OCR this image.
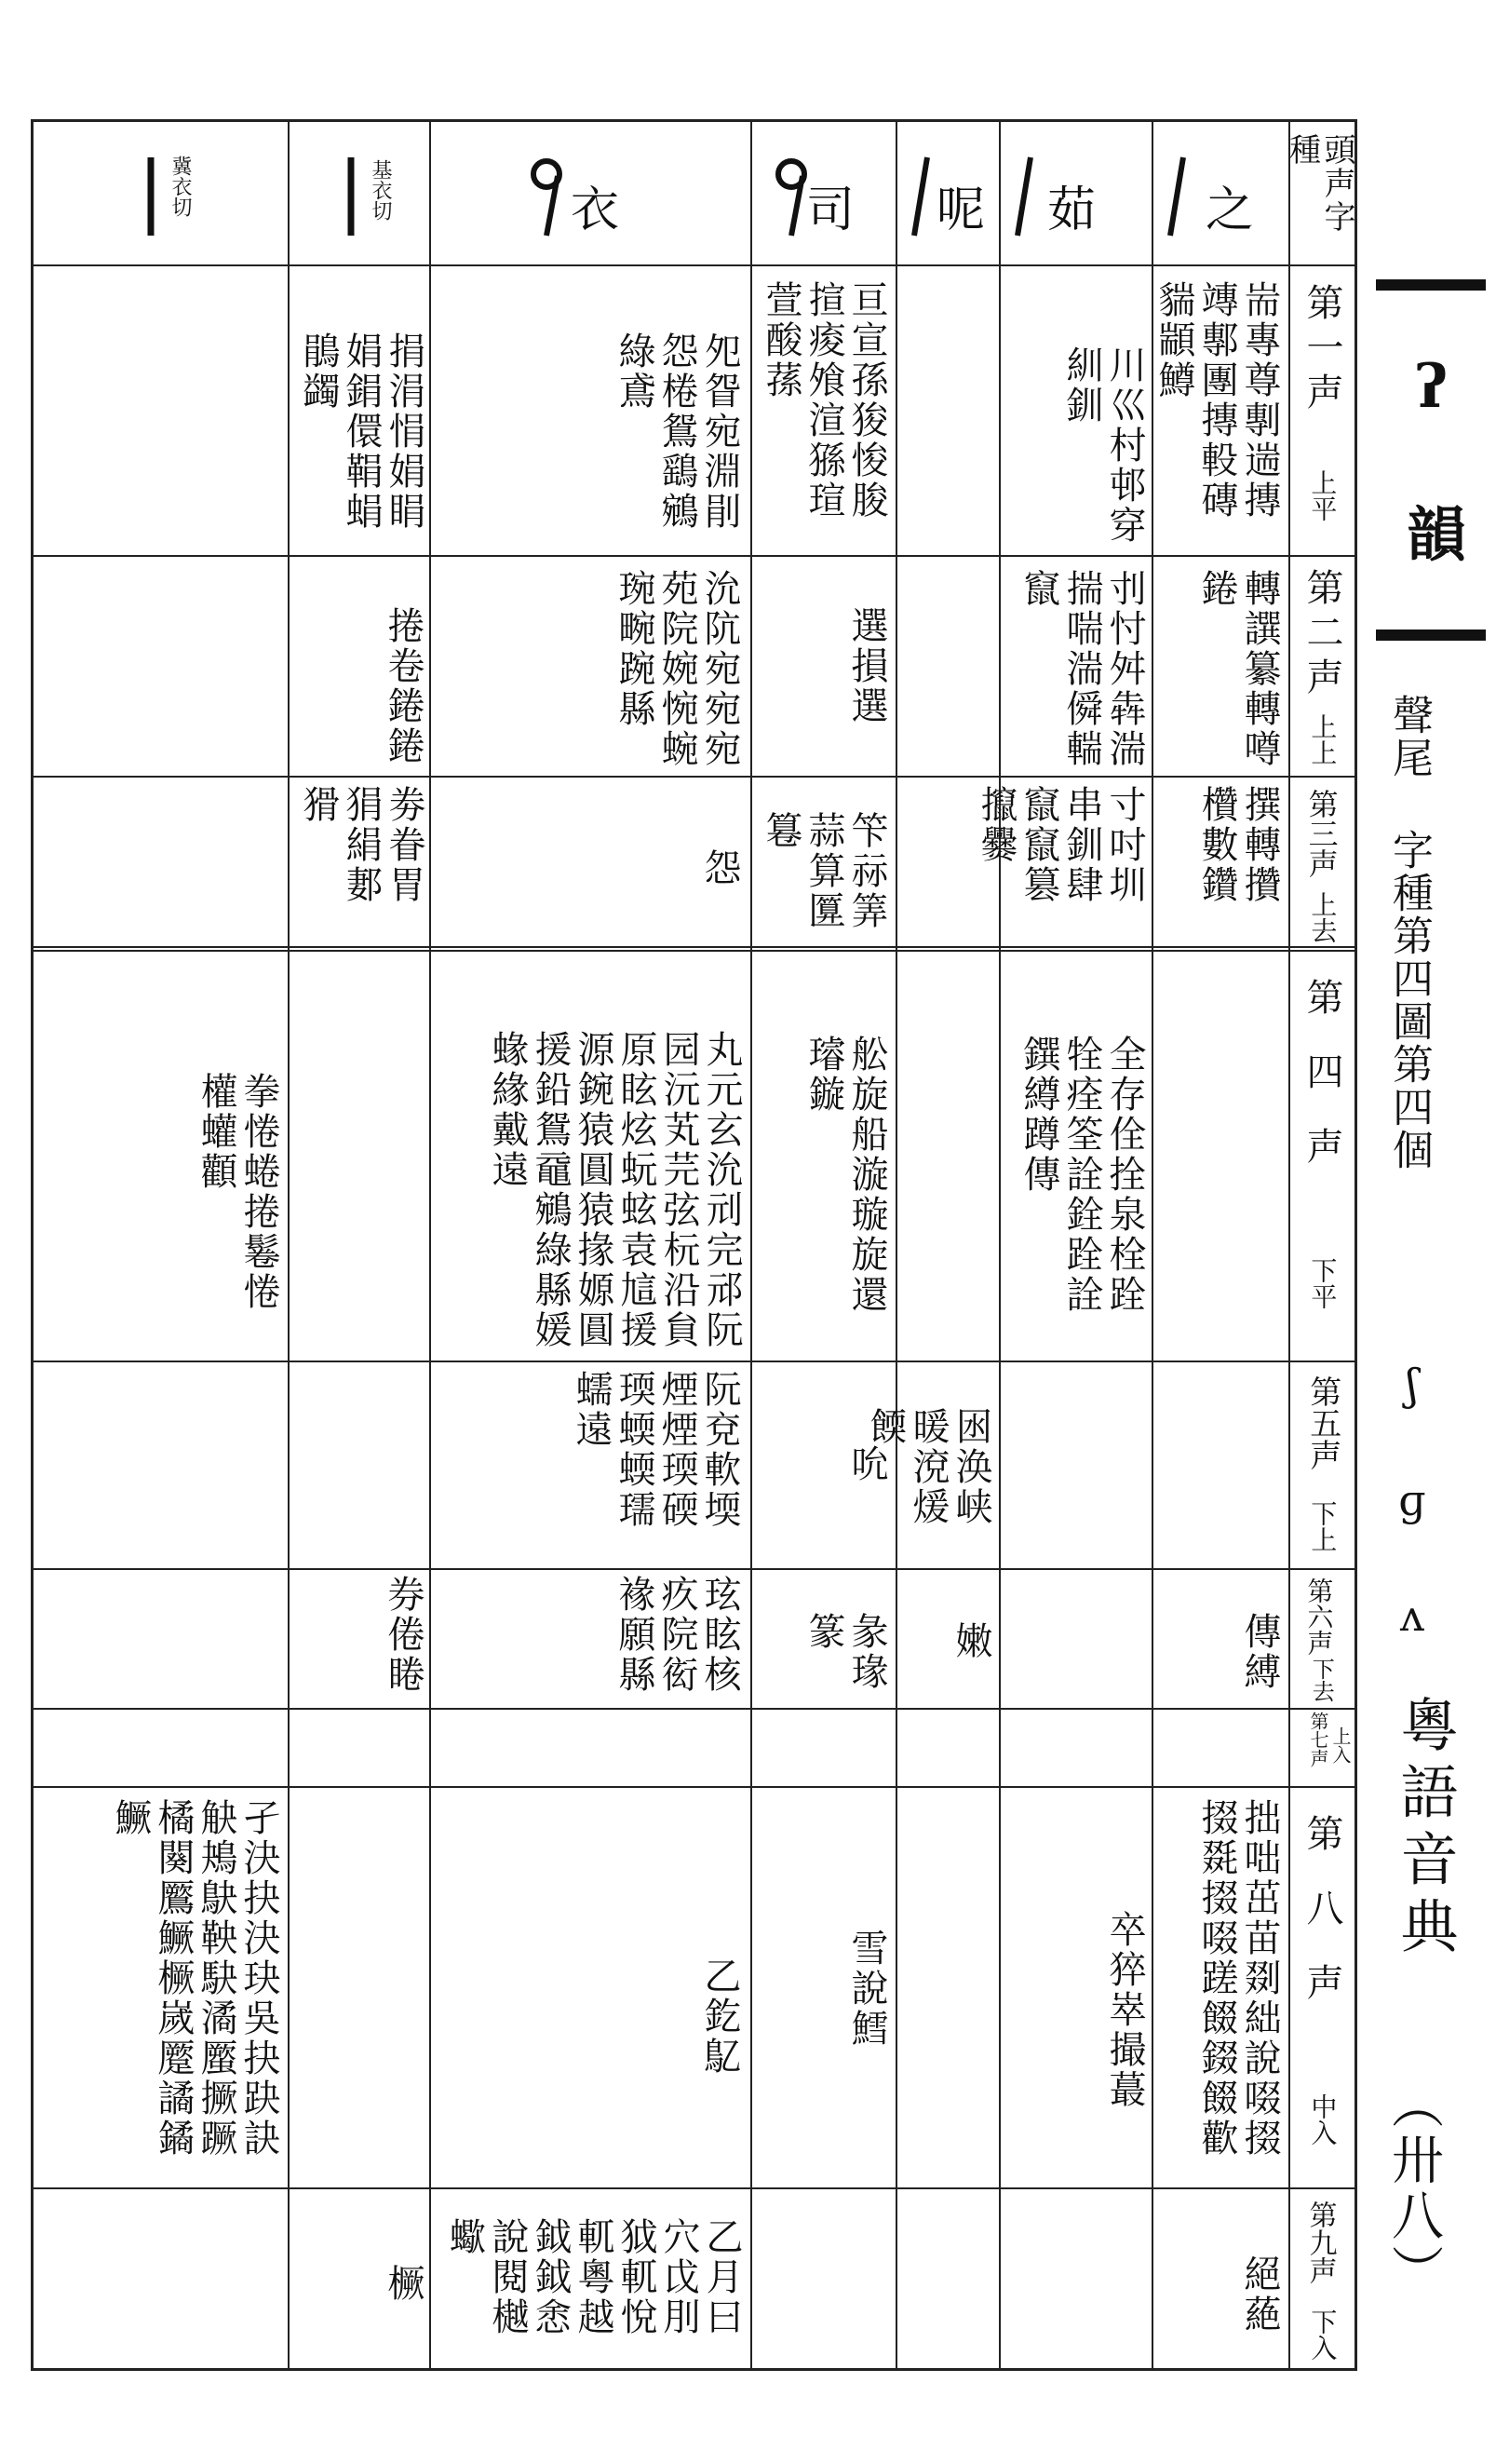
頭声字種
之
茹
呢
司
衣
基衣切
冀衣切
第一声
上平
第二声
上上
第三声
上去
第四声
下平
第五声
下上
第六声
下去
第七声 上入
第八声
中入
第九声
下入
耑專尊剸遄摶竱鄟團摶軗磚貒顓鱒
川巛村邨穿紃釧
亘宣孫狻悛朘揎痠飧渲猻瑄萱酸蓀
夗眢宛淵剈怨棬鴛鷂鵷綠鳶
捐涓悁娟睊娟鋗儇鞙蜎鵑蠲
轉譔纂轉噂錈
刌忖舛犇湍揣喘湍僢輲竄
選損選
沇阬宛宛宛苑院婉惋蜿琬畹踠縣
捲卷錈錈
撰轉攢欑數鑽
寸吋圳串釧肆竄竄篡攛爨
笇祘筭蒜算匴篹
怨
劵眷胃狷絹郪猾
全存佺拴泉栓跧牷痊筌詮銓跧詮鐉繜蹲傳
舩旋船漩璇旋還璿鏇
丸元玄沇刓完邧阮园沅芄芫弦杬沿貟原眩炫蚖蚿袁訄援源鋺猿圓猿掾嫄圓援鉛鴛黿鵷綠縣媛蝝緣戴遠
拳惓蜷捲鬈惓權蠸顴
囦涣峡暖渷煖餪
吮
阮兗軟堧煙煙瑌碝瑌蝡蝡瓀蠕遠
傳縛
嫩
彖瑑篆
玹眩核疚院衒褖願縣
券倦睠
拙咄茁苗剟絀說啜掇掇毲掇啜蹉餟錣餟歡
卒猝崒撮蕞
雪說鱈
乙釳鳦
孑決抉決玦吳抉趹訣觖鴂鴃鞅駃潏蟨撅蹶橘闋鷢鱖橛嵗蹷譎鐍鱖
絕蕝
乙月曰穴戉刖狘軏悅軏粵越鉞鉞悆說閱樾蠍
橛
ʔ 韻
聲尾 字種第四圖第四個
ʃ ɡ ʌ
粵語音典
（卅八）
